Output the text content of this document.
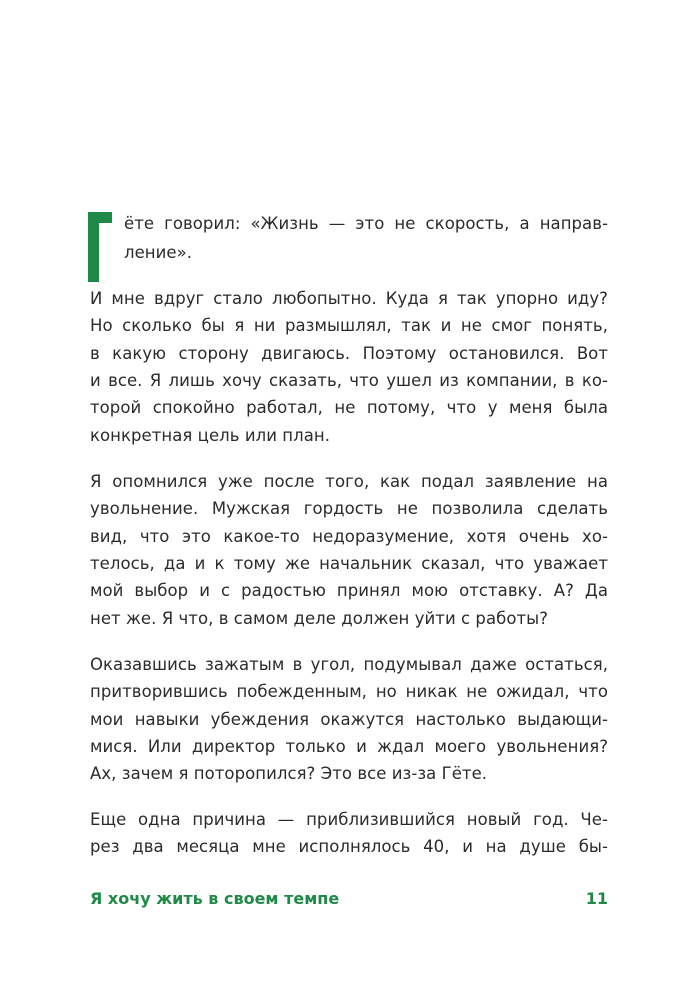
ёте говорил: «Жизнь — это не скорость, а направ-
ление».
И мне вдруг стало любопытно. Куда я так упорно иду?
Но сколько бы я ни размышлял, так и не смог понять,
в какую сторону двигаюсь. Поэтому остановился. Вот
и все. Я лишь хочу сказать, что ушел из компании, в ко-
торой спокойно работал, не потому, что у меня была
конкретная цель или план.
Я опомнился уже после того, как подал заявление на
увольнение. Мужская гордость не позволила сделать
вид, что это какое-то недоразумение, хотя очень хо-
телось, да и к тому же начальник сказал, что уважает
мой выбор и с радостью принял мою отставку. А? Да
нет же. Я что, в самом деле должен уйти с работы?
Оказавшись зажатым в угол, подумывал даже остаться,
притворившись побежденным, но никак не ожидал, что
мои навыки убеждения окажутся настолько выдающи-
мися. Или директор только и ждал моего увольнения?
Ах, зачем я поторопился? Это все из-за Гёте.
Еще одна причина — приблизившийся новый год. Че-
рез два месяца мне исполнялось 40, и на душе бы-
Я хочу жить в своем темпе	11
